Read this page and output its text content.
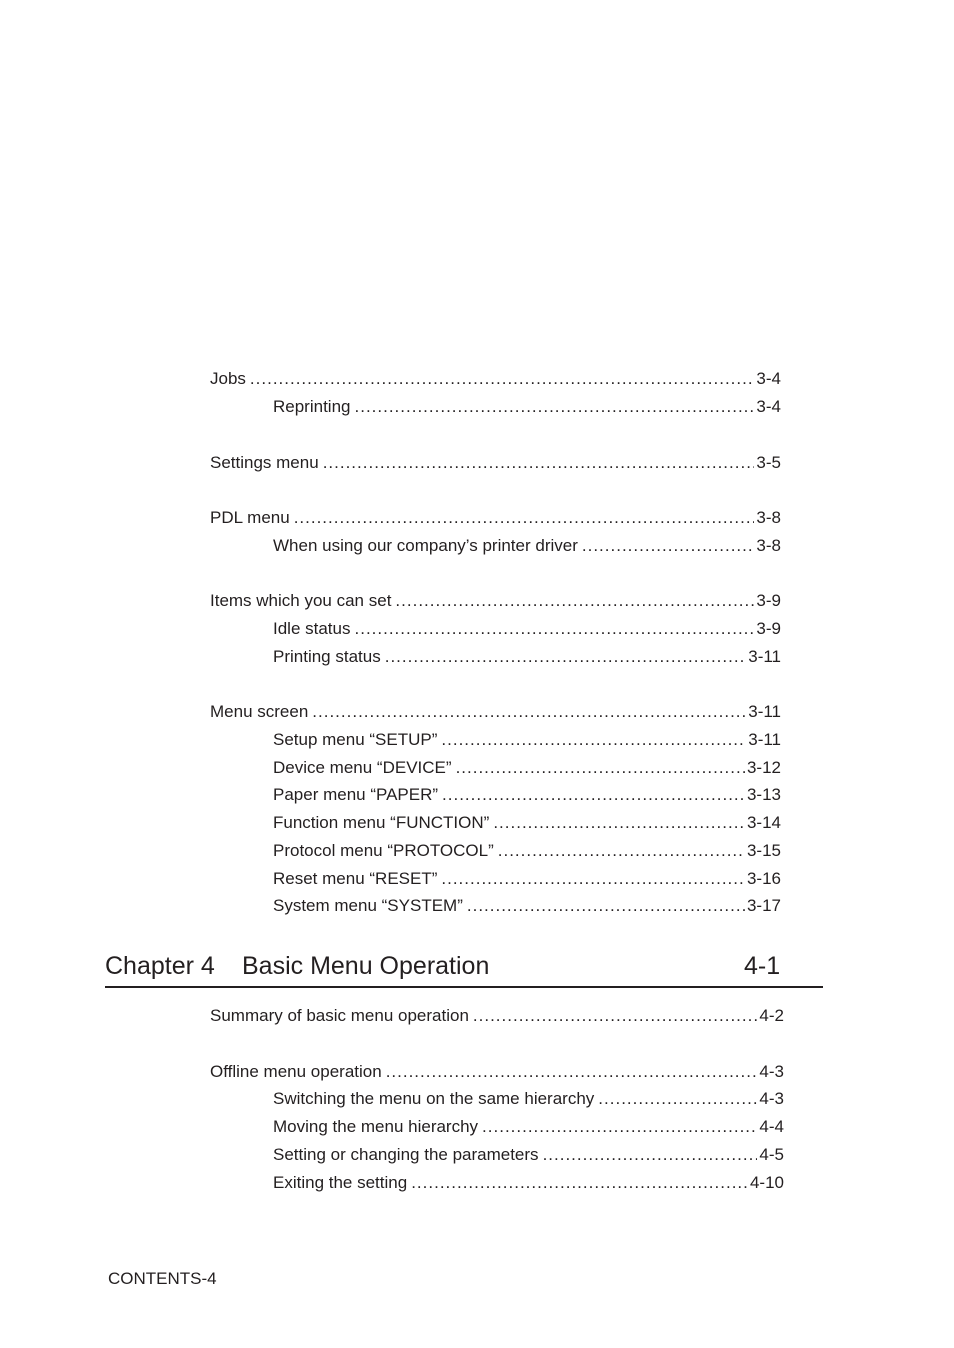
Jobs .....	3-4
Reprinting .....	3-4
Settings menu .....	3-5
PDL menu .....	3-8
When using our company’s printer driver .....	3-8
Items which you can set .....	3-9
Idle status .....	3-9
Printing status .....	3-11
Menu screen .....	3-11
Setup menu “SETUP” .....	3-11
Device menu “DEVICE” .....	3-12
Paper menu “PAPER” .....	3-13
Function menu “FUNCTION” .....	3-14
Protocol menu “PROTOCOL” .....	3-15
Reset menu “RESET” .....	3-16
System menu “SYSTEM” .....	3-17
Chapter 4 Basic Menu Operation	4-1
Summary of basic menu operation .....	4-2
Offline menu operation .....	4-3
Switching the menu on the same hierarchy .....	4-3
Moving the menu hierarchy .....	4-4
Setting or changing the parameters .....	4-5
Exiting the setting .....	4-10
CONTENTS-4
